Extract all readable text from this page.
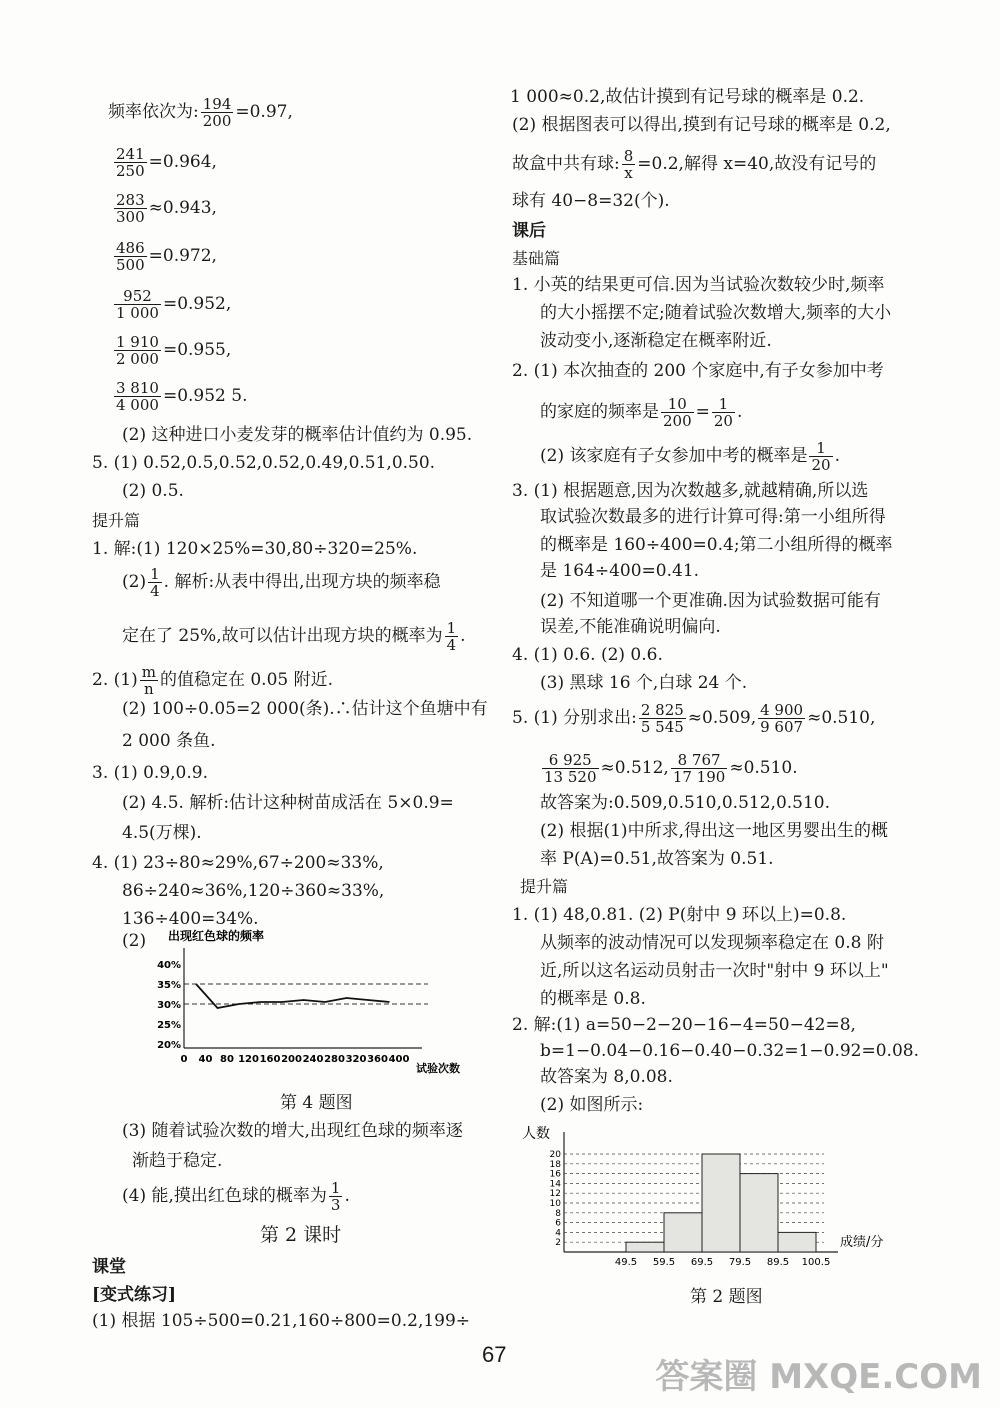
频率依次为: $\frac{194}{200} =0.97$,
$\frac{241}{250} =0.964$,
$\frac{283}{300} \approx 0.943$,
$\frac{486}{500} =0.972$,
$\frac{952}{1 000} =0.952$,
$\frac{1 910}{2 000} =0.955$,
$\frac{3 810}{4 000} =0.952$ 5.
(2) 这种进口小麦发芽的概率估计值约为 0.95.
5. (1) 0.52,0.5,0.52,0.52,0.49,0.51,0.50.
(2) 0.5.
提升篇
1. 解:(1) 120×25%=30,80÷320=25%.
$(2) \frac{1}{4}$ . 解析:从表中得出,出现方块的频率稳
定在了 25%,故可以估计出现方块的概率为 $\frac{1}{4}$ .
2. $(1) \frac{m}{n}$ 的值稳定在 0.05 附近.
(2) 100÷0.05=2 000(条).∴估计这个鱼塘中有
2 000 条鱼.
3. (1) 0.9,0.9.
(2) 4.5. 解析:估计这种树苗成活在 5×0.9=
4.5(万棵).
4. (1) 23÷80≈29%,67÷200≈33%,
86÷240≈36%,120÷360≈33%,
136÷400=34%.
(2) 出现红色球的频率
20%
25%
30%
35%
40%
0 40 80 120 160 200 240 280 320 360 400
试验次数
第 4 题图
(3) 随着试验次数的增大,出现红色球的频率逐
渐趋于稳定.
(4) 能,摸出红色球的概率为 $\frac{1}{3}$ .
第 2 课时
课堂
[变式练习]
(1) 根据 105÷500=0.21,160÷800=0.2,199÷
1 000≈0.2,故估计摸到有记号球的概率是 0.2.
(2) 根据图表可以得出,摸到有记号球的概率是 0.2,
故盒中共有球: $\frac{8}{x} =0.2$,解得 x=40,故没有记号的
球有 40−8=32(个).
课后
基础篇
1. 小英的结果更可信.因为当试验次数较少时,频率
的大小摇摆不定;随着试验次数增大,频率的大小
波动变小,逐渐稳定在概率附近.
2. (1) 本次抽查的 200 个家庭中,有子女参加中考
的家庭的频率是 $\frac{10}{200} = \frac{1}{20}$ .
(2) 该家庭有子女参加中考的概率是 $\frac{1}{20}$ .
3. (1) 根据题意,因为次数越多,就越精确,所以选
取试验次数最多的进行计算可得:第一小组所得
的概率是 160÷400=0.4;第二小组所得的概率
是 164÷400=0.41.
(2) 不知道哪一个更准确.因为试验数据可能有
误差,不能准确说明偏向.
4. (1) 0.6. (2) 0.6.
(3) 黑球 16 个,白球 24 个.
5. (1) 分别求出: $\frac{2 825}{5 545} \approx 0.509$, $\frac{4 900}{9 607} \approx 0.510$,
$\frac{6 925}{13 520} \approx 0.512$, $\frac{8 767}{17 190} \approx 0.510$.
故答案为:0.509,0.510,0.512,0.510.
(2) 根据(1)中所求,得出这一地区男婴出生的概
率 P(A)=0.51,故答案为 0.51.
提升篇
1. (1) 48,0.81. (2) P(射中 9 环以上)=0.8.
从频率的波动情况可以发现频率稳定在 0.8 附
近,所以这名运动员射击一次时"射中 9 环以上"
的概率是 0.8.
2. 解:(1) a=50−2−20−16−4=50−42=8,
b=1−0.04−0.16−0.40−0.32=1−0.92=0.08.
故答案为 8,0.08.
(2) 如图所示:
人数
2
4
6
8
10
12
14
16
18
20
49.5 59.5 69.5 79.5 89.5 100.5
成绩/分
第 2 题图
67
答案圈 MXQE.COM
